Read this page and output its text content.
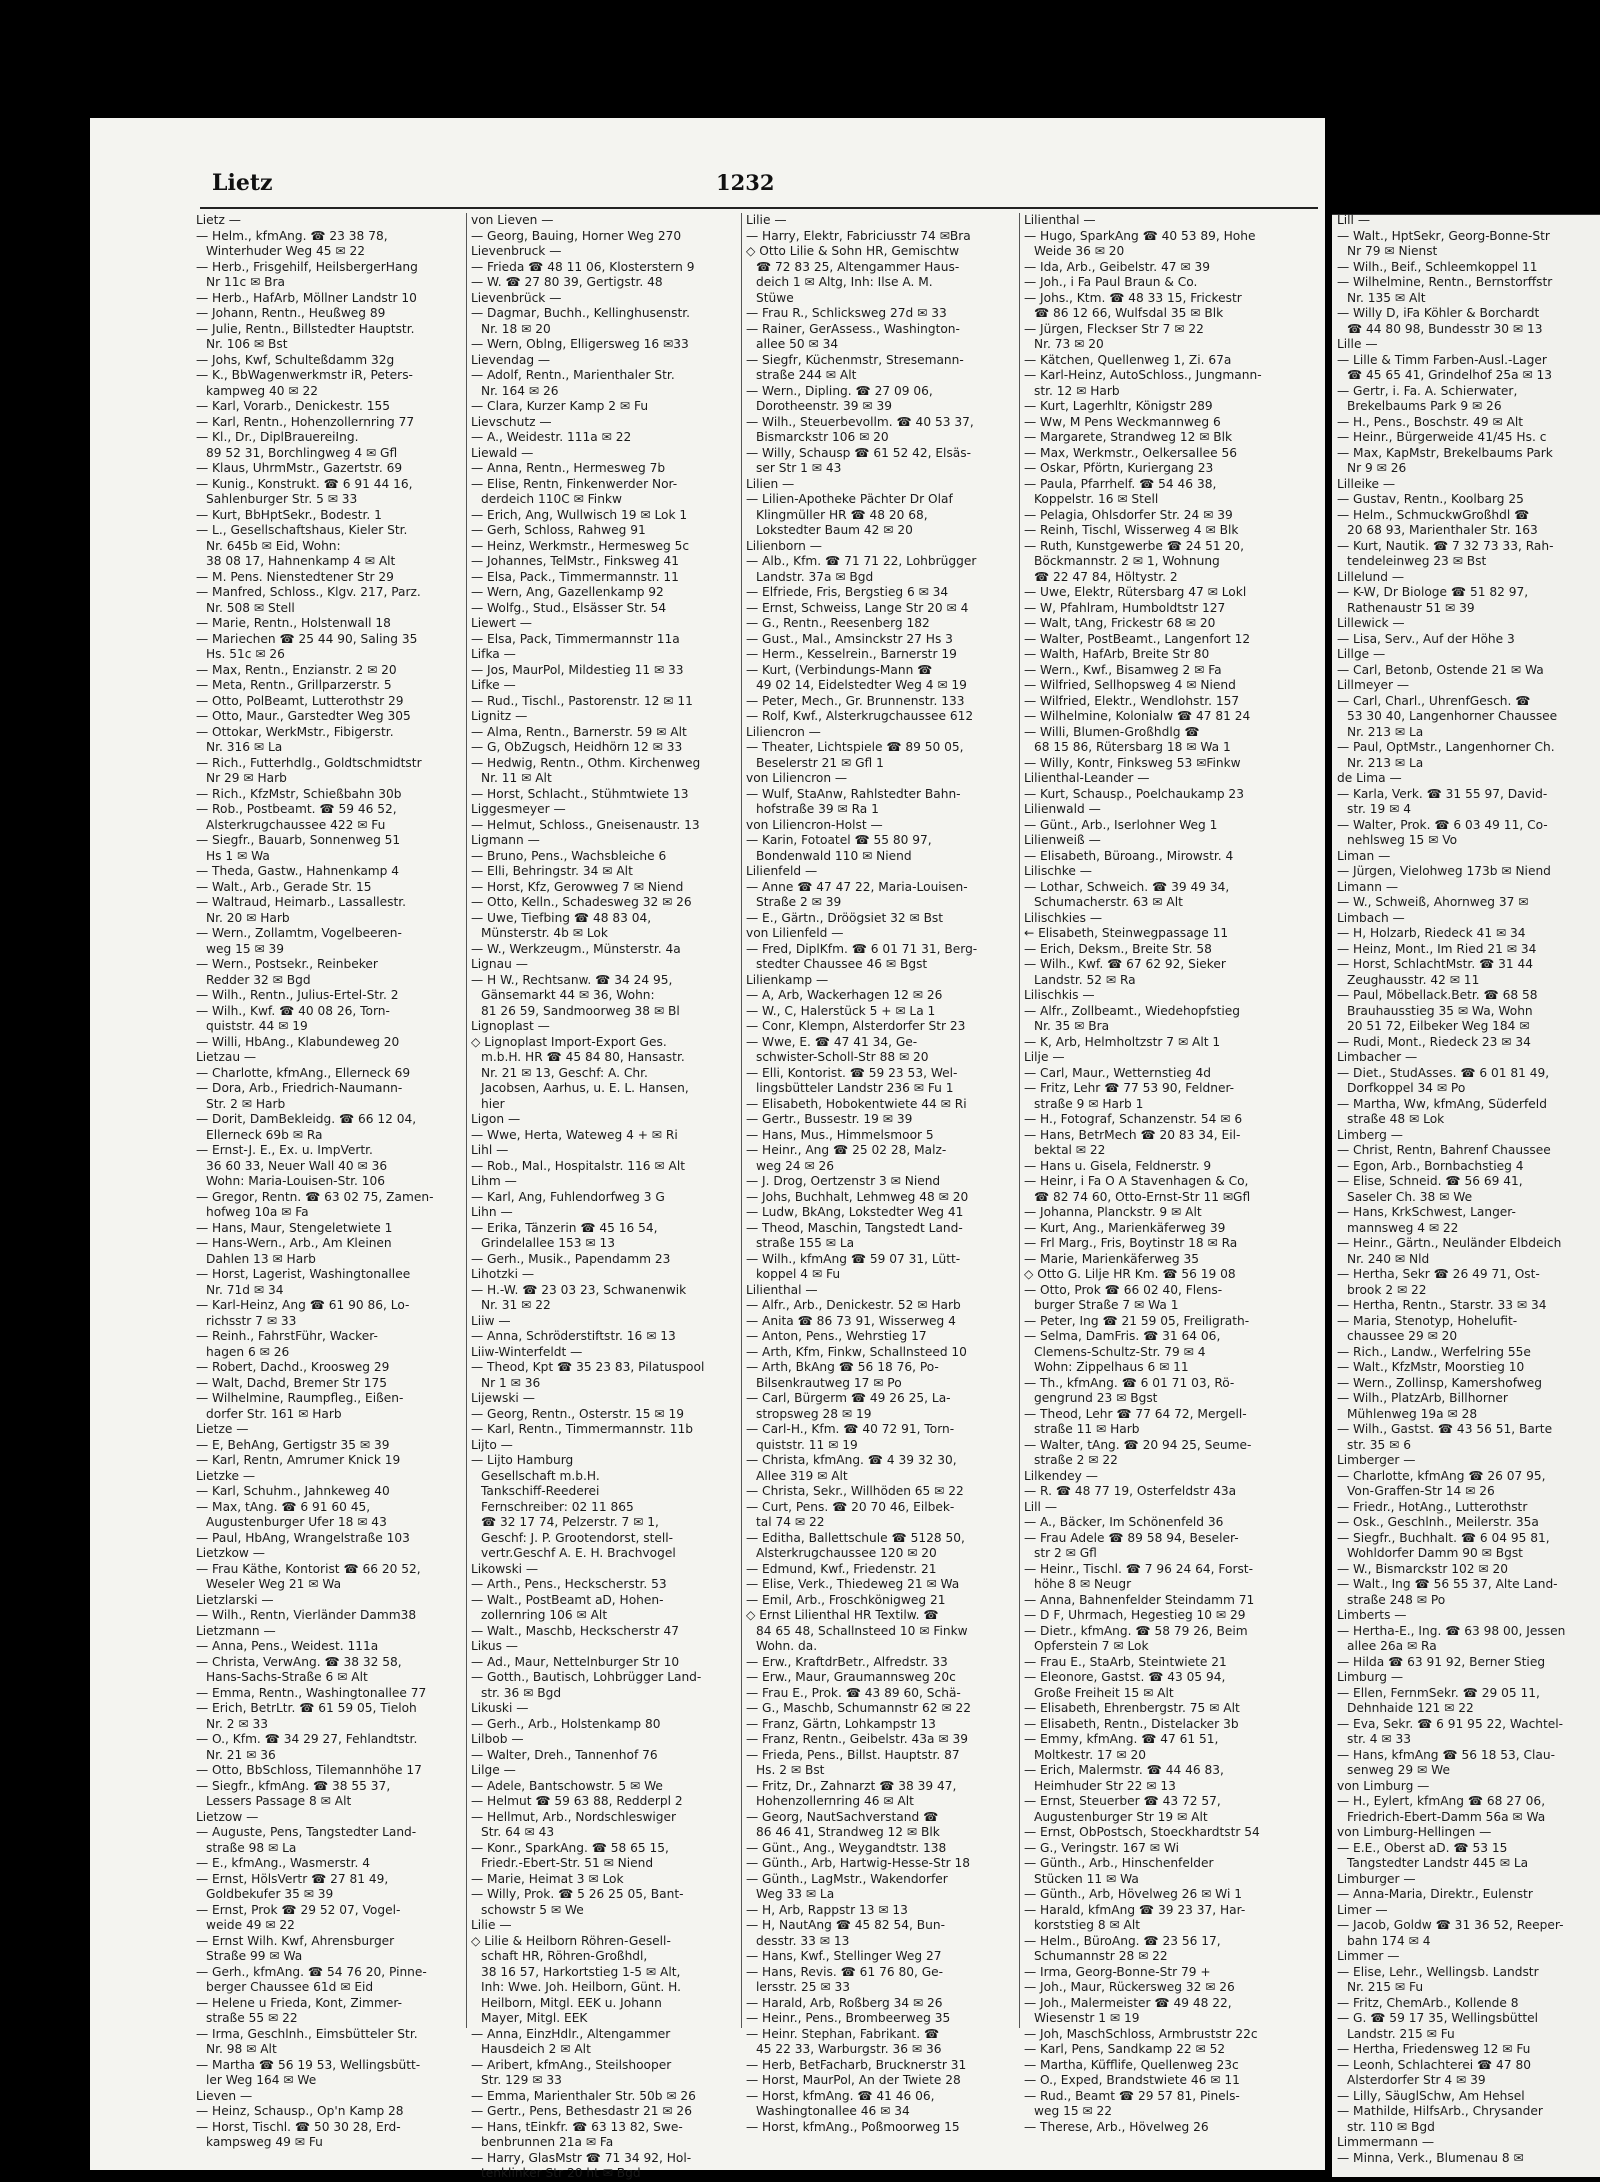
Lietz	1232
Lietz —
— Helm., kfmAng. ☎ 23 38 78,
Winterhuder Weg 45 ✉ 22
— Herb., Frisgehilf, HeilsbergerHang
Nr 11c ✉ Bra
— Herb., HafArb, Möllner Landstr 10
— Johann, Rentn., Heußweg 89
— Julie, Rentn., Billstedter Hauptstr.
Nr. 106 ✉ Bst
— Johs, Kwf, Schulteßdamm 32g
— K., BbWagenwerkmstr iR, Peters-
kampweg 40 ✉ 22
— Karl, Vorarb., Denickestr. 155
— Karl, Rentn., Hohenzollernring 77
— Kl., Dr., DiplBrauereiIng.
89 52 31, Borchlingweg 4 ✉ Gfl
— Klaus, UhrmMstr., Gazertstr. 69
— Kunig., Konstrukt. ☎ 6 91 44 16,
Sahlenburger Str. 5 ✉ 33
— Kurt, BbHptSekr., Bodestr. 1
— L., Gesellschaftshaus, Kieler Str.
Nr. 645b ✉ Eid, Wohn:
38 08 17, Hahnenkamp 4 ✉ Alt
— M. Pens. Nienstedtener Str 29
— Manfred, Schloss., Klgv. 217, Parz.
Nr. 508 ✉ Stell
— Marie, Rentn., Holstenwall 18
— Mariechen ☎ 25 44 90, Saling 35
Hs. 51c ✉ 26
— Max, Rentn., Enzianstr. 2 ✉ 20
— Meta, Rentn., Grillparzerstr. 5
— Otto, PolBeamt, Lutterothstr 29
— Otto, Maur., Garstedter Weg 305
— Ottokar, WerkMstr., Fibigerstr.
Nr. 316 ✉ La
— Rich., Futterhdlg., Goldtschmidtstr
Nr 29 ✉ Harb
— Rich., KfzMstr, Schießbahn 30b
— Rob., Postbeamt. ☎ 59 46 52,
Alsterkrugchaussee 422 ✉ Fu
— Siegfr., Bauarb, Sonnenweg 51
Hs 1 ✉ Wa
— Theda, Gastw., Hahnenkamp 4
— Walt., Arb., Gerade Str. 15
— Waltraud, Heimarb., Lassallestr.
Nr. 20 ✉ Harb
— Wern., Zollamtm, Vogelbeeren-
weg 15 ✉ 39
— Wern., Postsekr., Reinbeker
Redder 32 ✉ Bgd
— Wilh., Rentn., Julius-Ertel-Str. 2
— Wilh., Kwf. ☎ 40 08 26, Torn-
quiststr. 44 ✉ 19
— Willi, HbAng., Klabundeweg 20
Lietzau —
— Charlotte, kfmAng., Ellerneck 69
— Dora, Arb., Friedrich-Naumann-
Str. 2 ✉ Harb
— Dorit, DamBekleidg. ☎ 66 12 04,
Ellerneck 69b ✉ Ra
— Ernst-J. E., Ex. u. ImpVertr.
36 60 33, Neuer Wall 40 ✉ 36
Wohn: Maria-Louisen-Str. 106
— Gregor, Rentn. ☎ 63 02 75, Zamen-
hofweg 10a ✉ Fa
— Hans, Maur, Stengeletwiete 1
— Hans-Wern., Arb., Am Kleinen
Dahlen 13 ✉ Harb
— Horst, Lagerist, Washingtonallee
Nr. 71d ✉ 34
— Karl-Heinz, Ang ☎ 61 90 86, Lo-
richsstr 7 ✉ 33
— Reinh., FahrstFühr, Wacker-
hagen 6 ✉ 26
— Robert, Dachd., Kroosweg 29
— Walt, Dachd, Bremer Str 175
— Wilhelmine, Raumpfleg., Eißen-
dorfer Str. 161 ✉ Harb
Lietze —
— E, BehAng, Gertigstr 35 ✉ 39
— Karl, Rentn, Amrumer Knick 19
Lietzke —
— Karl, Schuhm., Jahnkeweg 40
— Max, tAng. ☎ 6 91 60 45,
Augustenburger Ufer 18 ✉ 43
— Paul, HbAng, Wrangelstraße 103
Lietzkow —
— Frau Käthe, Kontorist ☎ 66 20 52,
Weseler Weg 21 ✉ Wa
Lietzlarski —
— Wilh., Rentn, Vierländer Damm38
Lietzmann —
— Anna, Pens., Weidest. 111a
— Christa, VerwAng. ☎ 38 32 58,
Hans-Sachs-Straße 6 ✉ Alt
— Emma, Rentn., Washingtonallee 77
— Erich, BetrLtr. ☎ 61 59 05, Tieloh
Nr. 2 ✉ 33
— O., Kfm. ☎ 34 29 27, Fehlandtstr.
Nr. 21 ✉ 36
— Otto, BbSchloss, Tilemannhöhe 17
— Siegfr., kfmAng. ☎ 38 55 37,
Lessers Passage 8 ✉ Alt
Lietzow —
— Auguste, Pens, Tangstedter Land-
straße 98 ✉ La
— E., kfmAng., Wasmerstr. 4
— Ernst, HölsVertr ☎ 27 81 49,
Goldbekufer 35 ✉ 39
— Ernst, Prok ☎ 29 52 07, Vogel-
weide 49 ✉ 22
— Ernst Wilh. Kwf, Ahrensburger
Straße 99 ✉ Wa
— Gerh., kfmAng. ☎ 54 76 20, Pinne-
berger Chaussee 61d ✉ Eid
— Helene u Frieda, Kont, Zimmer-
straße 55 ✉ 22
— Irma, Geschlnh., Eimsbütteler Str.
Nr. 98 ✉ Alt
— Martha ☎ 56 19 53, Wellingsbütt-
ler Weg 164 ✉ We
Lieven —
— Heinz, Schausp., Op'n Kamp 28
— Horst, Tischl. ☎ 50 30 28, Erd-
kampsweg 49 ✉ Fu
von Lieven —
— Georg, Bauing, Horner Weg 270
Lievenbruck —
— Frieda ☎ 48 11 06, Klosterstern 9
— W. ☎ 27 80 39, Gertigstr. 48
Lievenbrück —
— Dagmar, Buchh., Kellinghusenstr.
Nr. 18 ✉ 20
— Wern, Oblng, Elligersweg 16 ✉33
Lievendag —
— Adolf, Rentn., Marienthaler Str.
Nr. 164 ✉ 26
— Clara, Kurzer Kamp 2 ✉ Fu
Lievschutz —
— A., Weidestr. 111a ✉ 22
Liewald —
— Anna, Rentn., Hermesweg 7b
— Elise, Rentn, Finkenwerder Nor-
derdeich 110C ✉ Finkw
— Erich, Ang, Wullwisch 19 ✉ Lok 1
— Gerh, Schloss, Rahweg 91
— Heinz, Werkmstr., Hermesweg 5c
— Johannes, TelMstr., Finksweg 41
— Elsa, Pack., Timmermannstr. 11
— Wern, Ang, Gazellenkamp 92
— Wolfg., Stud., Elsässer Str. 54
Liewert —
— Elsa, Pack, Timmermannstr 11a
Lifka —
— Jos, MaurPol, Mildestieg 11 ✉ 33
Lifke —
— Rud., Tischl., Pastorenstr. 12 ✉ 11
Lignitz —
— Alma, Rentn., Barnerstr. 59 ✉ Alt
— G, ObZugsch, Heidhörn 12 ✉ 33
— Hedwig, Rentn., Othm. Kirchenweg
Nr. 11 ✉ Alt
— Horst, Schlacht., Stühmtwiete 13
Liggesmeyer —
— Helmut, Schloss., Gneisenaustr. 13
Ligmann —
— Bruno, Pens., Wachsbleiche 6
— Elli, Behringstr. 34 ✉ Alt
— Horst, Kfz, Gerowweg 7 ✉ Niend
— Otto, Kelln., Schadesweg 32 ✉ 26
— Uwe, Tiefbing ☎ 48 83 04,
Münsterstr. 4b ✉ Lok
— W., Werkzeugm., Münsterstr. 4a
Lignau —
— H W., Rechtsanw. ☎ 34 24 95,
Gänsemarkt 44 ✉ 36, Wohn:
81 26 59, Sandmoorweg 38 ✉ Bl
Lignoplast —
◇ Lignoplast Import-Export Ges.
m.b.H. HR ☎ 45 84 80, Hansastr.
Nr. 21 ✉ 13, Geschf: A. Chr.
Jacobsen, Aarhus, u. E. L. Hansen,
hier
Ligon —
— Wwe, Herta, Wateweg 4 + ✉ Ri
Lihl —
— Rob., Mal., Hospitalstr. 116 ✉ Alt
Lihm —
— Karl, Ang, Fuhlendorfweg 3 G
Lihn —
— Erika, Tänzerin ☎ 45 16 54,
Grindelallee 153 ✉ 13
— Gerh., Musik., Papendamm 23
Lihotzki —
— H.-W. ☎ 23 03 23, Schwanenwik
Nr. 31 ✉ 22
Liiw —
— Anna, Schröderstiftstr. 16 ✉ 13
Liiw-Winterfeldt —
— Theod, Kpt ☎ 35 23 83, Pilatuspool
Nr 1 ✉ 36
Lijewski —
— Georg, Rentn., Osterstr. 15 ✉ 19
— Karl, Rentn., Timmermannstr. 11b
Lijto —
— Lijto Hamburg
Gesellschaft m.b.H.
Tankschiff-Reederei
Fernschreiber: 02 11 865
☎ 32 17 74, Pelzerstr. 7 ✉ 1,
Geschf: J. P. Grootendorst, stell-
vertr.Geschf A. E. H. Brachvogel
Likowski —
— Arth., Pens., Heckscherstr. 53
— Walt., PostBeamt aD, Hohen-
zollernring 106 ✉ Alt
— Walt., Maschb, Heckscherstr 47
Likus —
— Ad., Maur, Nettelnburger Str 10
— Gotth., Bautisch, Lohbrügger Land-
str. 36 ✉ Bgd
Likuski —
— Gerh., Arb., Holstenkamp 80
Lilbob —
— Walter, Dreh., Tannenhof 76
Lilge —
— Adele, Bantschowstr. 5 ✉ We
— Helmut ☎ 59 63 88, Redderpl 2
— Hellmut, Arb., Nordschleswiger
Str. 64 ✉ 43
— Konr., SparkAng. ☎ 58 65 15,
Friedr.-Ebert-Str. 51 ✉ Niend
— Marie, Heimat 3 ✉ Lok
— Willy, Prok. ☎ 5 26 25 05, Bant-
schowstr 5 ✉ We
Lilie —
◇ Lilie & Heilborn Röhren-Gesell-
schaft HR, Röhren-Großhdl,
38 16 57, Harkortstieg 1-5 ✉ Alt,
Inh: Wwe. Joh. Heilborn, Günt. H.
Heilborn, Mitgl. EEK u. Johann
Mayer, Mitgl. EEK
— Anna, EinzHdlr., Altengammer
Hausdeich 2 ✉ Alt
— Aribert, kfmAng., Steilshooper
Str. 129 ✉ 33
— Emma, Marienthaler Str. 50b ✉ 26
— Gertr., Pens, Bethesdastr 21 ✉ 26
— Hans, tEinkfr. ☎ 63 13 82, Swe-
benbrunnen 21a ✉ Fa
— Harry, GlasMstr ☎ 71 34 92, Hol-
tenklinker Str 20 ht ✉ Bgd
Lilie —
— Harry, Elektr, Fabriciusstr 74 ✉Bra
◇ Otto Lilie & Sohn HR, Gemischtw
☎ 72 83 25, Altengammer Haus-
deich 1 ✉ Altg, Inh: Ilse A. M.
Stüwe
— Frau R., Schlicksweg 27d ✉ 33
— Rainer, GerAssess., Washington-
allee 50 ✉ 34
— Siegfr, Küchenmstr, Stresemann-
straße 244 ✉ Alt
— Wern., Dipling. ☎ 27 09 06,
Dorotheenstr. 39 ✉ 39
— Wilh., Steuerbevollm. ☎ 40 53 37,
Bismarckstr 106 ✉ 20
— Willy, Schausp ☎ 61 52 42, Elsäs-
ser Str 1 ✉ 43
Lilien —
— Lilien-Apotheke Pächter Dr Olaf
Klingmüller HR ☎ 48 20 68,
Lokstedter Baum 42 ✉ 20
Lilienborn —
— Alb., Kfm. ☎ 71 71 22, Lohbrügger
Landstr. 37a ✉ Bgd
— Elfriede, Fris, Bergstieg 6 ✉ 34
— Ernst, Schweiss, Lange Str 20 ✉ 4
— G., Rentn., Reesenberg 182
— Gust., Mal., Amsinckstr 27 Hs 3
— Herm., Kesselrein., Barnerstr 19
— Kurt, (Verbindungs-Mann ☎
49 02 14, Eidelstedter Weg 4 ✉ 19
— Peter, Mech., Gr. Brunnenstr. 133
— Rolf, Kwf., Alsterkrugchaussee 612
Liliencron —
— Theater, Lichtspiele ☎ 89 50 05,
Beselerstr 21 ✉ Gfl 1
von Liliencron —
— Wulf, StaAnw, Rahlstedter Bahn-
hofstraße 39 ✉ Ra 1
von Liliencron-Holst —
— Karin, Fotoatel ☎ 55 80 97,
Bondenwald 110 ✉ Niend
Lilienfeld —
— Anne ☎ 47 47 22, Maria-Louisen-
Straße 2 ✉ 39
— E., Gärtn., Dröögsiet 32 ✉ Bst
von Lilienfeld —
— Fred, DiplKfm. ☎ 6 01 71 31, Berg-
stedter Chaussee 46 ✉ Bgst
Lilienkamp —
— A, Arb, Wackerhagen 12 ✉ 26
— W., C, Halerstück 5 + ✉ La 1
— Conr, Klempn, Alsterdorfer Str 23
— Wwe, E. ☎ 47 41 34, Ge-
schwister-Scholl-Str 88 ✉ 20
— Elli, Kontorist. ☎ 59 23 53, Wel-
lingsbütteler Landstr 236 ✉ Fu 1
— Elisabeth, Hobokentwiete 44 ✉ Ri
— Gertr., Bussestr. 19 ✉ 39
— Hans, Mus., Himmelsmoor 5
— Heinr., Ang ☎ 25 02 28, Malz-
weg 24 ✉ 26
— J. Drog, Oertzenstr 3 ✉ Niend
— Johs, Buchhalt, Lehmweg 48 ✉ 20
— Ludw, BkAng, Lokstedter Weg 41
— Theod, Maschin, Tangstedt Land-
straße 155 ✉ La
— Wilh., kfmAng ☎ 59 07 31, Lütt-
koppel 4 ✉ Fu
Lilienthal —
— Alfr., Arb., Denickestr. 52 ✉ Harb
— Anita ☎ 86 73 91, Wisserweg 4
— Anton, Pens., Wehrstieg 17
— Arth, Kfm, Finkw, Schallnsteed 10
— Arth, BkAng ☎ 56 18 76, Po-
Bilsenkrautweg 17 ✉ Po
— Carl, Bürgerm ☎ 49 26 25, La-
stropsweg 28 ✉ 19
— Carl-H., Kfm. ☎ 40 72 91, Torn-
quiststr. 11 ✉ 19
— Christa, kfmAng. ☎ 4 39 32 30,
Allee 319 ✉ Alt
— Christa, Sekr., Willhöden 65 ✉ 22
— Curt, Pens. ☎ 20 70 46, Eilbek-
tal 74 ✉ 22
— Editha, Ballettschule ☎ 5128 50,
Alsterkrugchaussee 120 ✉ 20
— Edmund, Kwf., Friedenstr. 21
— Elise, Verk., Thiedeweg 21 ✉ Wa
— Emil, Arb., Froschkönigweg 21
◇ Ernst Lilienthal HR Textilw. ☎
84 65 48, Schallnsteed 10 ✉ Finkw
Wohn. da.
— Erw., KraftdrBetr., Alfredstr. 33
— Erw., Maur, Graumannsweg 20c
— Frau E., Prok. ☎ 43 89 60, Schä-
— G., Maschb, Schumannstr 62 ✉ 22
— Franz, Gärtn, Lohkampstr 13
— Franz, Rentn., Geibelstr. 43a ✉ 39
— Frieda, Pens., Billst. Hauptstr. 87
Hs. 2 ✉ Bst
— Fritz, Dr., Zahnarzt ☎ 38 39 47,
Hohenzollernring 46 ✉ Alt
— Georg, NautSachverstand ☎
86 46 41, Strandweg 12 ✉ Blk
— Günt., Ang., Weygandtstr. 138
— Günth., Arb, Hartwig-Hesse-Str 18
— Günth., LagMstr., Wakendorfer
Weg 33 ✉ La
— H, Arb, Rappstr 13 ✉ 13
— H, NautAng ☎ 45 82 54, Bun-
desstr. 33 ✉ 13
— Hans, Kwf., Stellinger Weg 27
— Hans, Revis. ☎ 61 76 80, Ge-
lersstr. 25 ✉ 33
— Harald, Arb, Roßberg 34 ✉ 26
— Heinr., Pens., Brombeerweg 35
— Heinr. Stephan, Fabrikant. ☎
45 22 33, Warburgstr. 36 ✉ 36
— Herb, BetFacharb, Brucknerstr 31
— Horst, MaurPol, An der Twiete 28
— Horst, kfmAng. ☎ 41 46 06,
Washingtonallee 46 ✉ 34
— Horst, kfmAng., Poßmoorweg 15
Lilienthal —
— Hugo, SparkAng ☎ 40 53 89, Hohe
Weide 36 ✉ 20
— Ida, Arb., Geibelstr. 47 ✉ 39
— Joh., i Fa Paul Braun & Co.
— Johs., Ktm. ☎ 48 33 15, Frickestr
☎ 86 12 66, Wulfsdal 35 ✉ Blk
— Jürgen, Fleckser Str 7 ✉ 22
Nr. 73 ✉ 20
— Kätchen, Quellenweg 1, Zi. 67a
— Karl-Heinz, AutoSchloss., Jungmann-
str. 12 ✉ Harb
— Kurt, Lagerhltr, Königstr 289
— Ww, M Pens Weckmannweg 6
— Margarete, Strandweg 12 ✉ Blk
— Max, Werkmstr., Oelkersallee 56
— Oskar, Pförtn, Kuriergang 23
— Paula, Pfarrhelf. ☎ 54 46 38,
Koppelstr. 16 ✉ Stell
— Pelagia, Ohlsdorfer Str. 24 ✉ 39
— Reinh, Tischl, Wisserweg 4 ✉ Blk
— Ruth, Kunstgewerbe ☎ 24 51 20,
Böckmannstr. 2 ✉ 1, Wohnung
☎ 22 47 84, Höltystr. 2
— Uwe, Elektr, Rütersbarg 47 ✉ Lokl
— W, Pfahlram, Humboldtstr 127
— Walt, tAng, Frickestr 68 ✉ 20
— Walter, PostBeamt., Langenfort 12
— Walth, HafArb, Breite Str 80
— Wern., Kwf., Bisamweg 2 ✉ Fa
— Wilfried, Sellhopsweg 4 ✉ Niend
— Wilfried, Elektr., Wendlohstr. 157
— Wilhelmine, Kolonialw ☎ 47 81 24
— Willi, Blumen-Großhdlg ☎
68 15 86, Rütersbarg 18 ✉ Wa 1
— Willy, Kontr, Finksweg 53 ✉Finkw
Lilienthal-Leander —
— Kurt, Schausp., Poelchaukamp 23
Lilienwald —
— Günt., Arb., Iserlohner Weg 1
Lilienweiß —
— Elisabeth, Büroang., Mirowstr. 4
Lilischke —
— Lothar, Schweich. ☎ 39 49 34,
Schumacherstr. 63 ✉ Alt
Lilischkies —
← Elisabeth, Steinwegpassage 11
— Erich, Deksm., Breite Str. 58
— Wilh., Kwf. ☎ 67 62 92, Sieker
Landstr. 52 ✉ Ra
Lilischkis —
— Alfr., Zollbeamt., Wiedehopfstieg
Nr. 35 ✉ Bra
— K, Arb, Helmholtzstr 7 ✉ Alt 1
Lilje —
— Carl, Maur., Wetternstieg 4d
— Fritz, Lehr ☎ 77 53 90, Feldner-
straße 9 ✉ Harb 1
— H., Fotograf, Schanzenstr. 54 ✉ 6
— Hans, BetrMech ☎ 20 83 34, Eil-
bektal ✉ 22
— Hans u. Gisela, Feldnerstr. 9
— Heinr, i Fa O A Stavenhagen & Co,
☎ 82 74 60, Otto-Ernst-Str 11 ✉Gfl
— Johanna, Planckstr. 9 ✉ Alt
— Kurt, Ang., Marienkäferweg 39
— Frl Marg., Fris, Boytinstr 18 ✉ Ra
— Marie, Marienkäferweg 35
◇ Otto G. Lilje HR Km. ☎ 56 19 08
— Otto, Prok ☎ 66 02 40, Flens-
burger Straße 7 ✉ Wa 1
— Peter, Ing ☎ 21 59 05, Freiligrath-
— Selma, DamFris. ☎ 31 64 06,
Clemens-Schultz-Str. 79 ✉ 4
Wohn: Zippelhaus 6 ✉ 11
— Th., kfmAng. ☎ 6 01 71 03, Rö-
gengrund 23 ✉ Bgst
— Theod, Lehr ☎ 77 64 72, Mergell-
straße 11 ✉ Harb
— Walter, tAng. ☎ 20 94 25, Seume-
straße 2 ✉ 22
Lilkendey —
— R. ☎ 48 77 19, Osterfeldstr 43a
Lill —
— A., Bäcker, Im Schönenfeld 36
— Frau Adele ☎ 89 58 94, Beseler-
str 2 ✉ Gfl
— Heinr., Tischl. ☎ 7 96 24 64, Forst-
höhe 8 ✉ Neugr
— Anna, Bahnenfelder Steindamm 71
— D F, Uhrmach, Hegestieg 10 ✉ 29
— Dietr., kfmAng. ☎ 58 79 26, Beim
Opferstein 7 ✉ Lok
— Frau E., StaArb, Steintwiete 21
— Eleonore, Gastst. ☎ 43 05 94,
Große Freiheit 15 ✉ Alt
— Elisabeth, Ehrenbergstr. 75 ✉ Alt
— Elisabeth, Rentn., Distelacker 3b
— Emmy, kfmAng. ☎ 47 61 51,
Moltkestr. 17 ✉ 20
— Erich, Malermstr. ☎ 44 46 83,
Heimhuder Str 22 ✉ 13
— Ernst, Steuerber ☎ 43 72 57,
Augustenburger Str 19 ✉ Alt
— Ernst, ObPostsch, Stoeckhardtstr 54
— G., Veringstr. 167 ✉ Wi
— Günth., Arb., Hinschenfelder
Stücken 11 ✉ Wa
— Günth., Arb, Hövelweg 26 ✉ Wi 1
— Harald, kfmAng ☎ 39 23 37, Har-
korststieg 8 ✉ Alt
— Helm., BüroAng. ☎ 23 56 17,
Schumannstr 28 ✉ 22
— Irma, Georg-Bonne-Str 79 +
— Joh., Maur, Rückersweg 32 ✉ 26
— Joh., Malermeister ☎ 49 48 22,
Wiesenstr 1 ✉ 19
— Joh, MaschSchloss, Armbruststr 22c
— Karl, Pens, Sandkamp 22 ✉ 52
— Martha, Küfflife, Quellenweg 23c
— O., Exped, Brandstwiete 46 ✉ 11
— Rud., Beamt ☎ 29 57 81, Pinels-
weg 15 ✉ 22
— Therese, Arb., Hövelweg 26
Lill —
— Walt., HptSekr, Georg-Bonne-Str
Nr 79 ✉ Nienst
— Wilh., Beif., Schleemkoppel 11
— Wilhelmine, Rentn., Bernstorffstr
Nr. 135 ✉ Alt
— Willy D, iFa Köhler & Borchardt
☎ 44 80 98, Bundesstr 30 ✉ 13
Lille —
— Lille & Timm Farben-Ausl.-Lager
☎ 45 65 41, Grindelhof 25a ✉ 13
— Gertr, i. Fa. A. Schierwater,
Brekelbaums Park 9 ✉ 26
— H., Pens., Boschstr. 49 ✉ Alt
— Heinr., Bürgerweide 41/45 Hs. c
— Max, KapMstr, Brekelbaums Park
Nr 9 ✉ 26
Lilleike —
— Gustav, Rentn., Koolbarg 25
— Helm., SchmuckwGroßhdl ☎
20 68 93, Marienthaler Str. 163
— Kurt, Nautik. ☎ 7 32 73 33, Rah-
tendeleinweg 23 ✉ Bst
Lillelund —
— K-W, Dr Biologe ☎ 51 82 97,
Rathenaustr 51 ✉ 39
Lillewick —
— Lisa, Serv., Auf der Höhe 3
Lillge —
— Carl, Betonb, Ostende 21 ✉ Wa
Lillmeyer —
— Carl, Charl., UhrenfGesch. ☎
53 30 40, Langenhorner Chaussee
Nr. 213 ✉ La
— Paul, OptMstr., Langenhorner Ch.
Nr. 213 ✉ La
de Lima —
— Karla, Verk. ☎ 31 55 97, David-
str. 19 ✉ 4
— Walter, Prok. ☎ 6 03 49 11, Co-
nehlsweg 15 ✉ Vo
Liman —
— Jürgen, Vielohweg 173b ✉ Niend
Limann —
— W., Schweiß, Ahornweg 37 ✉
Limbach —
— H, Holzarb, Riedeck 41 ✉ 34
— Heinz, Mont., Im Ried 21 ✉ 34
— Horst, SchlachtMstr. ☎ 31 44
Zeughausstr. 42 ✉ 11
— Paul, Möbellack.Betr. ☎ 68 58
Brauhausstieg 35 ✉ Wa, Wohn
20 51 72, Eilbeker Weg 184 ✉
— Rudi, Mont., Riedeck 23 ✉ 34
Limbacher —
— Diet., StudAsses. ☎ 6 01 81 49,
Dorfkoppel 34 ✉ Po
— Martha, Ww, kfmAng, Süderfeld
straße 48 ✉ Lok
Limberg —
— Christ, Rentn, Bahrenf Chaussee
— Egon, Arb., Bornbachstieg 4
— Elise, Schneid. ☎ 56 69 41,
Saseler Ch. 38 ✉ We
— Hans, KrkSchwest, Langer-
mannsweg 4 ✉ 22
— Heinr., Gärtn., Neuländer Elbdeich
Nr. 240 ✉ Nld
— Hertha, Sekr ☎ 26 49 71, Ost-
brook 2 ✉ 22
— Hertha, Rentn., Starstr. 33 ✉ 34
— Maria, Stenotyp, Hohelufit-
chaussee 29 ✉ 20
— Rich., Landw., Werfelring 55e
— Walt., KfzMstr, Moorstieg 10
— Wern., Zollinsp, Kamershofweg
— Wilh., PlatzArb, Billhorner
Mühlenweg 19a ✉ 28
— Wilh., Gastst. ☎ 43 56 51, Barte
str. 35 ✉ 6
Limberger —
— Charlotte, kfmAng ☎ 26 07 95,
Von-Graffen-Str 14 ✉ 26
— Friedr., HotAng., Lutterothstr
— Osk., Geschlnh., Meilerstr. 35a
— Siegfr., Buchhalt. ☎ 6 04 95 81,
Wohldorfer Damm 90 ✉ Bgst
— W., Bismarckstr 102 ✉ 20
— Walt., Ing ☎ 56 55 37, Alte Land-
straße 248 ✉ Po
Limberts —
— Hertha-E., Ing. ☎ 63 98 00, Jessen
allee 26a ✉ Ra
— Hilda ☎ 63 91 92, Berner Stieg
Limburg —
— Ellen, FernmSekr. ☎ 29 05 11,
Dehnhaide 121 ✉ 22
— Eva, Sekr. ☎ 6 91 95 22, Wachtel-
str. 4 ✉ 33
— Hans, kfmAng ☎ 56 18 53, Clau-
senweg 29 ✉ We
von Limburg —
— H., Eylert, kfmAng ☎ 68 27 06,
Friedrich-Ebert-Damm 56a ✉ Wa
von Limburg-Hellingen —
— E.E., Oberst aD. ☎ 53 15
Tangstedter Landstr 445 ✉ La
Limburger —
— Anna-Maria, Direktr., Eulenstr
Limer —
— Jacob, Goldw ☎ 31 36 52, Reeper-
bahn 174 ✉ 4
Limmer —
— Elise, Lehr., Wellingsb. Landstr
Nr. 215 ✉ Fu
— Fritz, ChemArb., Kollende 8
— G. ☎ 59 17 35, Wellingsbüttel
Landstr. 215 ✉ Fu
— Hertha, Friedensweg 12 ✉ Fu
— Leonh, Schlachterei ☎ 47 80
Alsterdorfer Str 4 ✉ 39
— Lilly, SäuglSchw, Am Hehsel
— Mathilde, HilfsArb., Chrysander
str. 110 ✉ Bgd
Limmermann —
— Minna, Verk., Blumenau 8 ✉
